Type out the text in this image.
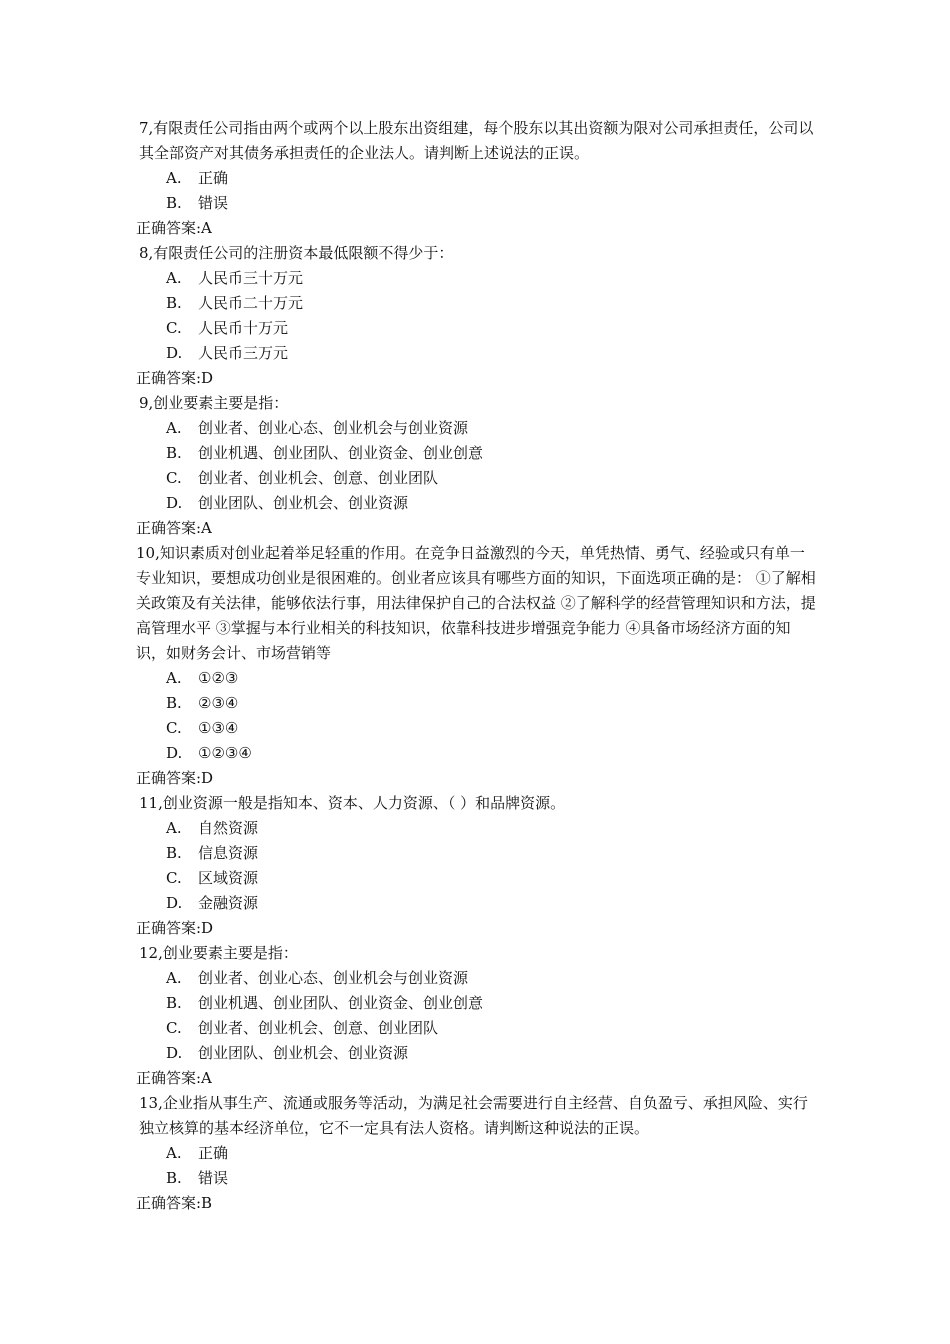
7,有限责任公司指由两个或两个以上股东出资组建，每个股东以其出资额为限对公司承担责任，公司以其全部资产对其债务承担责任的企业法人。请判断上述说法的正误。
A. 正确
B. 错误
正确答案:A
8,有限责任公司的注册资本最低限额不得少于：
A. 人民币三十万元
B. 人民币二十万元
C. 人民币十万元
D. 人民币三万元
正确答案:D
9,创业要素主要是指：
A. 创业者、创业心态、创业机会与创业资源
B. 创业机遇、创业团队、创业资金、创业创意
C. 创业者、创业机会、创意、创业团队
D. 创业团队、创业机会、创业资源
正确答案:A
10,知识素质对创业起着举足轻重的作用。在竞争日益激烈的今天，单凭热情、勇气、经验或只有单一专业知识，要想成功创业是很困难的。创业者应该具有哪些方面的知识，下面选项正确的是： ①了解相关政策及有关法律，能够依法行事，用法律保护自己的合法权益 ②了解科学的经营管理知识和方法，提高管理水平 ③掌握与本行业相关的科技知识，依靠科技进步增强竞争能力 ④具备市场经济方面的知识，如财务会计、市场营销等
A. ①②③
B. ②③④
C. ①③④
D. ①②③④
正确答案:D
11,创业资源一般是指知本、资本、人力资源、（ ）和品牌资源。
A. 自然资源
B. 信息资源
C. 区域资源
D. 金融资源
正确答案:D
12,创业要素主要是指：
A. 创业者、创业心态、创业机会与创业资源
B. 创业机遇、创业团队、创业资金、创业创意
C. 创业者、创业机会、创意、创业团队
D. 创业团队、创业机会、创业资源
正确答案:A
13,企业指从事生产、流通或服务等活动，为满足社会需要进行自主经营、自负盈亏、承担风险、实行独立核算的基本经济单位，它不一定具有法人资格。请判断这种说法的正误。
A. 正确
B. 错误
正确答案:B
